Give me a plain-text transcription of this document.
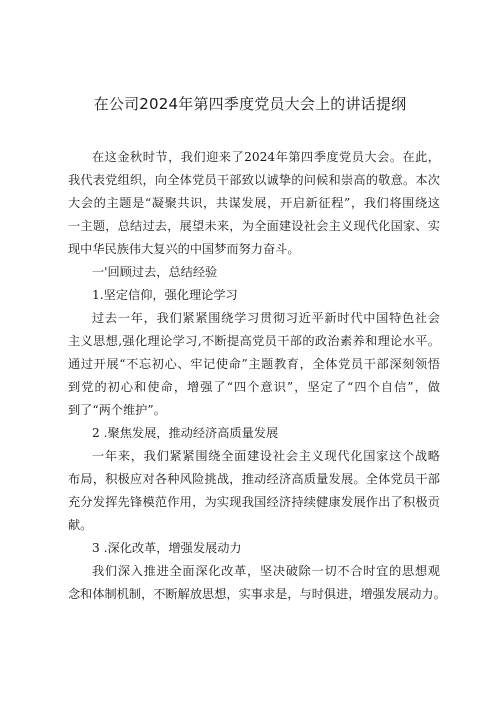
在公司2024年第四季度党员大会上的讲话提纲
在这金秋时节，我们迎来了2024年第四季度党员大会。在此，
我代表党组织，向全体党员干部致以诚挚的问候和崇高的敬意。本次
大会的主题是“凝聚共识，共谋发展，开启新征程”，我们将围绕这
一主题，总结过去，展望未来，为全面建设社会主义现代化国家、实
现中华民族伟大复兴的中国梦而努力奋斗。
一'回顾过去，总结经验
1.坚定信仰，强化理论学习
过去一年，我们紧紧围绕学习贯彻习近平新时代中国特色社会
主义思想,强化理论学习,不断提高党员干部的政治素养和理论水平。
通过开展“不忘初心、牢记使命”主题教育，全体党员干部深刻领悟
到党的初心和使命，增强了“四个意识”，坚定了“四个自信”，做
到了“两个维护”。
2 .聚焦发展，推动经济高质量发展
一年来，我们紧紧围绕全面建设社会主义现代化国家这个战略
布局，积极应对各种风险挑战，推动经济高质量发展。全体党员干部
充分发挥先锋模范作用，为实现我国经济持续健康发展作出了积极贡
献。
3 .深化改革，增强发展动力
我们深入推进全面深化改革，坚决破除一切不合时宜的思想观
念和体制机制，不断解放思想，实事求是，与时俱进，增强发展动力。
